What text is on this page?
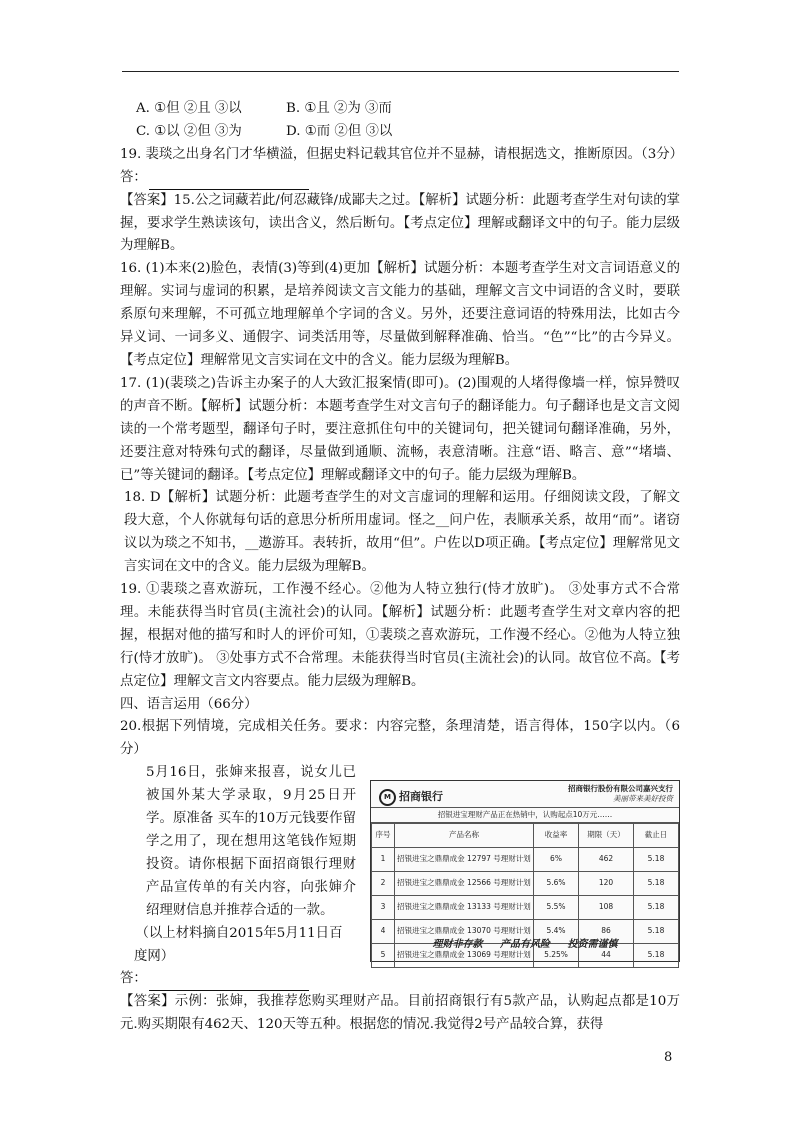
A. ①但 ②且 ③以	B. ①且 ②为 ③而
C. ①以 ②但 ③为	D. ①而 ②但 ③以

19. 裴琰之出身名门才华横溢，但据史料记载其官位并不显赫，请根据选文，推断原因。（3分）

答：

【答案】15.公之词藏若此/何忍藏锋/成鄙夫之过。【解析】试题分析：此题考查学生对句读的掌握，要求学生熟读该句，读出含义，然后断句。【考点定位】理解或翻译文中的句子。能力层级为理解B。

16. (1)本来(2)脸色，表情(3)等到(4)更加【解析】试题分析：本题考查学生对文言词语意义的理解。实词与虚词的积累，是培养阅读文言文能力的基础，理解文言文中词语的含义时，要联系原句来理解，不可孤立地理解单个字词的含义。另外，还要注意词语的特殊用法，比如古今异义词、一词多义、通假字、词类活用等，尽量做到解释准确、恰当。“色”“比”的古今异义。【考点定位】理解常见文言实词在文中的含义。能力层级为理解B。

17. (1)(裴琰之)告诉主办案子的人大致汇报案情(即可)。(2)围观的人堵得像墙一样，惊异赞叹的声音不断。【解析】试题分析：本题考查学生对文言句子的翻译能力。句子翻译也是文言文阅读的一个常考题型，翻译句子时，要注意抓住句中的关键词句，把关键词句翻译准确，另外，还要注意对特殊句式的翻译，尽量做到通顺、流畅，表意清晰。注意“语、略言、意”“堵墙、已”等关键词的翻译。【考点定位】理解或翻译文中的句子。能力层级为理解B。

18. D【解析】试题分析：此题考查学生的对文言虚词的理解和运用。仔细阅读文段，了解文段大意，个人你就每句话的意思分析所用虚词。怪之__问户佐，表顺承关系，故用“而”。诸窃议以为琰之不知书，__遨游耳。表转折，故用“但”。户佐以D项正确。【考点定位】理解常见文言实词在文中的含义。能力层级为理解B。

19. ①裴琰之喜欢游玩，工作漫不经心。②他为人特立独行(恃才放旷)。 ③处事方式不合常理。未能获得当时官员(主流社会)的认同。【解析】试题分析：此题考查学生对文章内容的把握，根据对他的描写和时人的评价可知，①裴琰之喜欢游玩，工作漫不经心。②他为人特立独行(恃才放旷)。 ③处事方式不合常理。未能获得当时官员(主流社会)的认同。故官位不高。【考点定位】理解文言文内容要点。能力层级为理解B。

四、语言运用（66分）

20.根据下列情境，完成相关任务。要求：内容完整，条理清楚，语言得体，150字以内。（6分）

5月16日，张婶来报喜，说女儿已被国外某大学录取，9月25日开学。原准备 买车的10万元钱要作留学之用了，现在想用这笔钱作短期投资。请你根据下面招商银行理财产品宣传单的有关内容，向张婶介绍理财信息并推荐合适的一款。
（以上材料摘自2015年5月11日百度网）
M 招商银行
招商银行股份有限公司嘉兴支行
美丽带来美好投资
招银进宝理财产品正在热销中，认购起点10万元……
序号	产品名称	收益率	期限（天）	截止日
1	招银进宝之鼎鼎成金 12797 号理财计划	6%	462	5.18
2	招银进宝之鼎鼎成金 12566 号理财计划	5.6%	120	5.18
3	招银进宝之鼎鼎成金 13133 号理财计划	5.5%	108	5.18
4	招银进宝之鼎鼎成金 13070 号理财计划	5.4%	86	5.18
5	招银进宝之鼎鼎成金 13069 号理财计划	5.25%	44	5.18
理财非存款 产品有风险 投资需谨慎

答：

【答案】示例：张婶，我推荐您购买理财产品。目前招商银行有5款产品，认购起点都是10万元.购买期限有462天、120天等五种。根据您的情况.我觉得2号产品较合算，获得

8
